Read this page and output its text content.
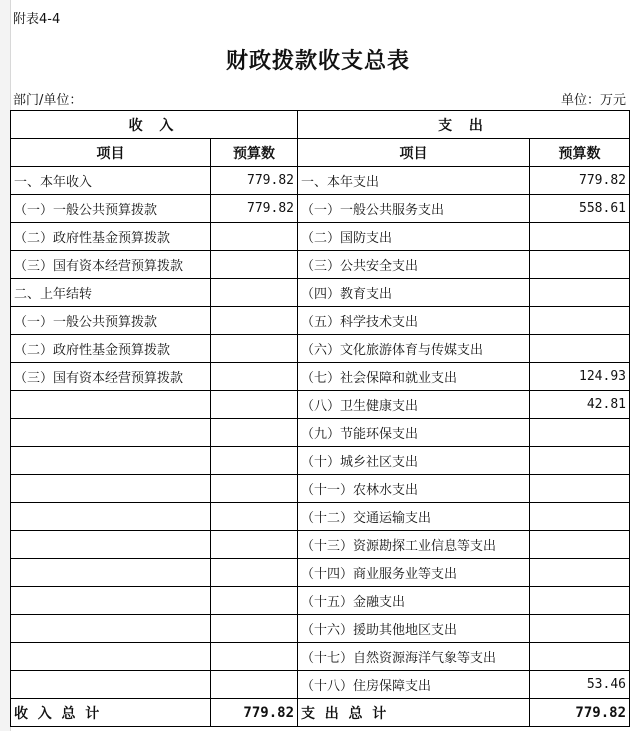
附表4-4
财政拨款收支总表
部门/单位：	单位：万元
收 入		支 出	
项目	预算数	项目	预算数
一、本年收入	779.82	一、本年支出	779.82
（一）一般公共预算拨款	779.82	（一）一般公共服务支出	558.61
（二）政府性基金预算拨款		（二）国防支出	
（三）国有资本经营预算拨款		（三）公共安全支出	
二、上年结转		（四）教育支出	
（一）一般公共预算拨款		（五）科学技术支出	
（二）政府性基金预算拨款		（六）文化旅游体育与传媒支出	
（三）国有资本经营预算拨款		（七）社会保障和就业支出	124.93
		（八）卫生健康支出	42.81
		（九）节能环保支出	
		（十）城乡社区支出	
		（十一）农林水支出	
		（十二）交通运输支出	
		（十三）资源勘探工业信息等支出	
		（十四）商业服务业等支出	
		（十五）金融支出	
		（十六）援助其他地区支出	
		（十七）自然资源海洋气象等支出	
		（十八）住房保障支出	53.46
收  入  总  计	779.82	支  出  总  计	779.82
